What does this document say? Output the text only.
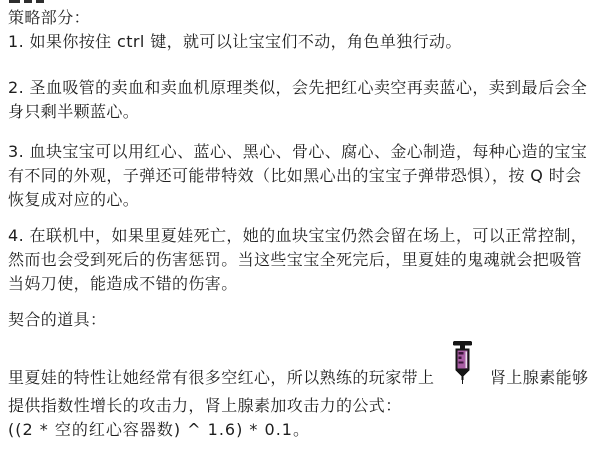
策略部分：
1. 如果你按住 ctrl 键，就可以让宝宝们不动，角色单独行动。
2. 圣血吸管的卖血和卖血机原理类似，会先把红心卖空再卖蓝心，卖到最后会全
身只剩半颗蓝心。
3. 血块宝宝可以用红心、蓝心、黑心、骨心、腐心、金心制造，每种心造的宝宝
有不同的外观，子弹还可能带特效（比如黑心出的宝宝子弹带恐惧），按 Q 时会
恢复成对应的心。
4. 在联机中，如果里夏娃死亡，她的血块宝宝仍然会留在场上，可以正常控制，
然而也会受到死后的伤害惩罚。当这些宝宝全死完后，里夏娃的鬼魂就会把吸管
当妈刀使，能造成不错的伤害。
契合的道具：
里夏娃的特性让她经常有很多空红心，所以熟练的玩家带上	肾上腺素能够
提供指数性增长的攻击力，肾上腺素加攻击力的公式：
((2 * 空的红心容器数) ^ 1.6) * 0.1。
